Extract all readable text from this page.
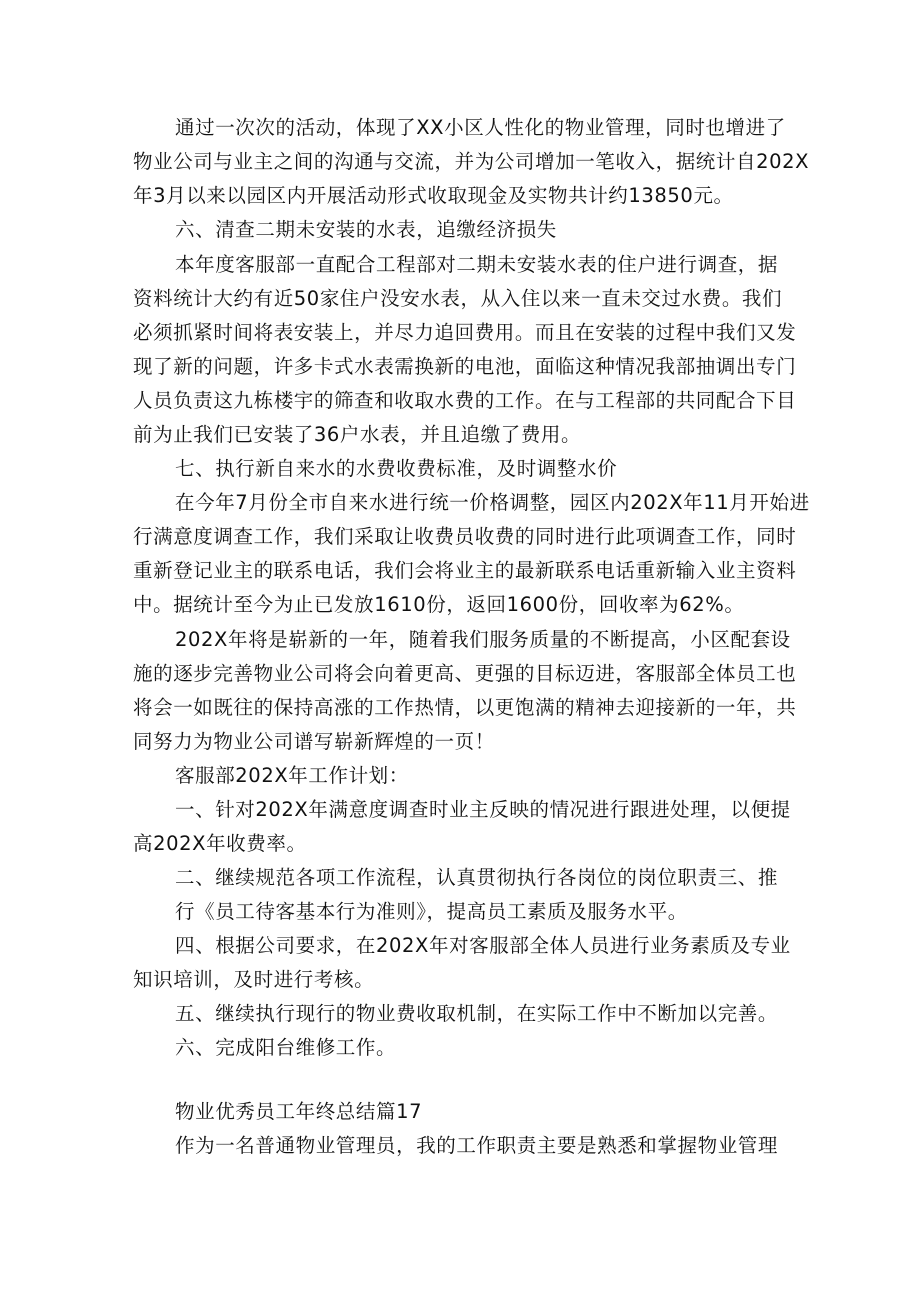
通过一次次的活动，体现了XX小区人性化的物业管理，同时也增进了
物业公司与业主之间的沟通与交流，并为公司增加一笔收入，据统计自202X
年3月以来以园区内开展活动形式收取现金及实物共计约13850元。
六、清查二期未安装的水表，追缴经济损失
本年度客服部一直配合工程部对二期未安装水表的住户进行调查，据
资料统计大约有近50家住户没安水表，从入住以来一直未交过水费。我们
必须抓紧时间将表安装上，并尽力追回费用。而且在安装的过程中我们又发
现了新的问题，许多卡式水表需换新的电池，面临这种情况我部抽调出专门
人员负责这九栋楼宇的筛查和收取水费的工作。在与工程部的共同配合下目
前为止我们已安装了36户水表，并且追缴了费用。
七、执行新自来水的水费收费标准，及时调整水价
在今年7月份全市自来水进行统一价格调整，园区内202X年11月开始进
行满意度调查工作，我们采取让收费员收费的同时进行此项调查工作，同时
重新登记业主的联系电话，我们会将业主的最新联系电话重新输入业主资料
中。据统计至今为止已发放1610份，返回1600份，回收率为62%。
202X年将是崭新的一年，随着我们服务质量的不断提高，小区配套设
施的逐步完善物业公司将会向着更高、更强的目标迈进，客服部全体员工也
将会一如既往的保持高涨的工作热情，以更饱满的精神去迎接新的一年，共
同努力为物业公司谱写崭新辉煌的一页！
客服部202X年工作计划：
一、针对202X年满意度调查时业主反映的情况进行跟进处理，以便提
高202X年收费率。
二、继续规范各项工作流程，认真贯彻执行各岗位的岗位职责三、推
行《员工待客基本行为准则》，提高员工素质及服务水平。
四、根据公司要求，在202X年对客服部全体人员进行业务素质及专业
知识培训，及时进行考核。
五、继续执行现行的物业费收取机制，在实际工作中不断加以完善。
六、完成阳台维修工作。
物业优秀员工年终总结篇17
作为一名普通物业管理员，我的工作职责主要是熟悉和掌握物业管理
